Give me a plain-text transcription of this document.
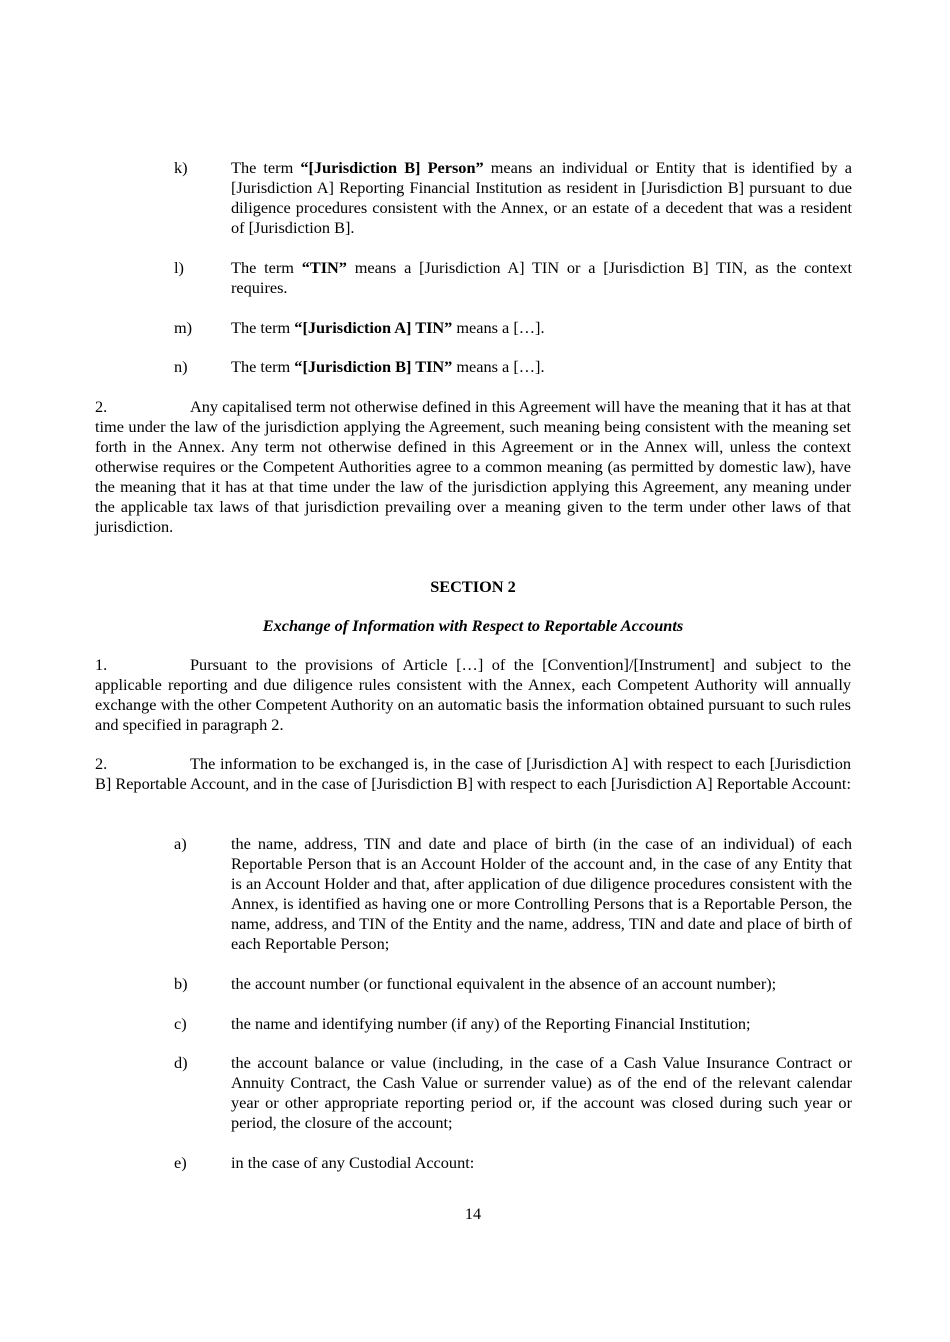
k)	The term “[Jurisdiction B] Person” means an individual or Entity that is identified by a [Jurisdiction A] Reporting Financial Institution as resident in [Jurisdiction B] pursuant to due diligence procedures consistent with the Annex, or an estate of a decedent that was a resident of [Jurisdiction B].
l)	The term “TIN” means a [Jurisdiction A] TIN or a [Jurisdiction B] TIN, as the context requires.
m)	The term “[Jurisdiction A] TIN” means a […].
n)	The term “[Jurisdiction B] TIN” means a […].
2.	Any capitalised term not otherwise defined in this Agreement will have the meaning that it has at that time under the law of the jurisdiction applying the Agreement, such meaning being consistent with the meaning set forth in the Annex. Any term not otherwise defined in this Agreement or in the Annex will, unless the context otherwise requires or the Competent Authorities agree to a common meaning (as permitted by domestic law), have the meaning that it has at that time under the law of the jurisdiction applying this Agreement, any meaning under the applicable tax laws of that jurisdiction prevailing over a meaning given to the term under other laws of that jurisdiction.
SECTION 2
Exchange of Information with Respect to Reportable Accounts
1.	Pursuant to the provisions of Article […] of the [Convention]/[Instrument] and subject to the applicable reporting and due diligence rules consistent with the Annex, each Competent Authority will annually exchange with the other Competent Authority on an automatic basis the information obtained pursuant to such rules and specified in paragraph 2.
2.	The information to be exchanged is, in the case of [Jurisdiction A] with respect to each [Jurisdiction B] Reportable Account, and in the case of [Jurisdiction B] with respect to each [Jurisdiction A] Reportable Account:
a)	the name, address, TIN and date and place of birth (in the case of an individual) of each Reportable Person that is an Account Holder of the account and, in the case of any Entity that is an Account Holder and that, after application of due diligence procedures consistent with the Annex, is identified as having one or more Controlling Persons that is a Reportable Person, the name, address, and TIN of the Entity and the name, address, TIN and date and place of birth of each Reportable Person;
b)	the account number (or functional equivalent in the absence of an account number);
c)	the name and identifying number (if any) of the Reporting Financial Institution;
d)	the account balance or value (including, in the case of a Cash Value Insurance Contract or Annuity Contract, the Cash Value or surrender value) as of the end of the relevant calendar year or other appropriate reporting period or, if the account was closed during such year or period, the closure of the account;
e)	in the case of any Custodial Account:
14
